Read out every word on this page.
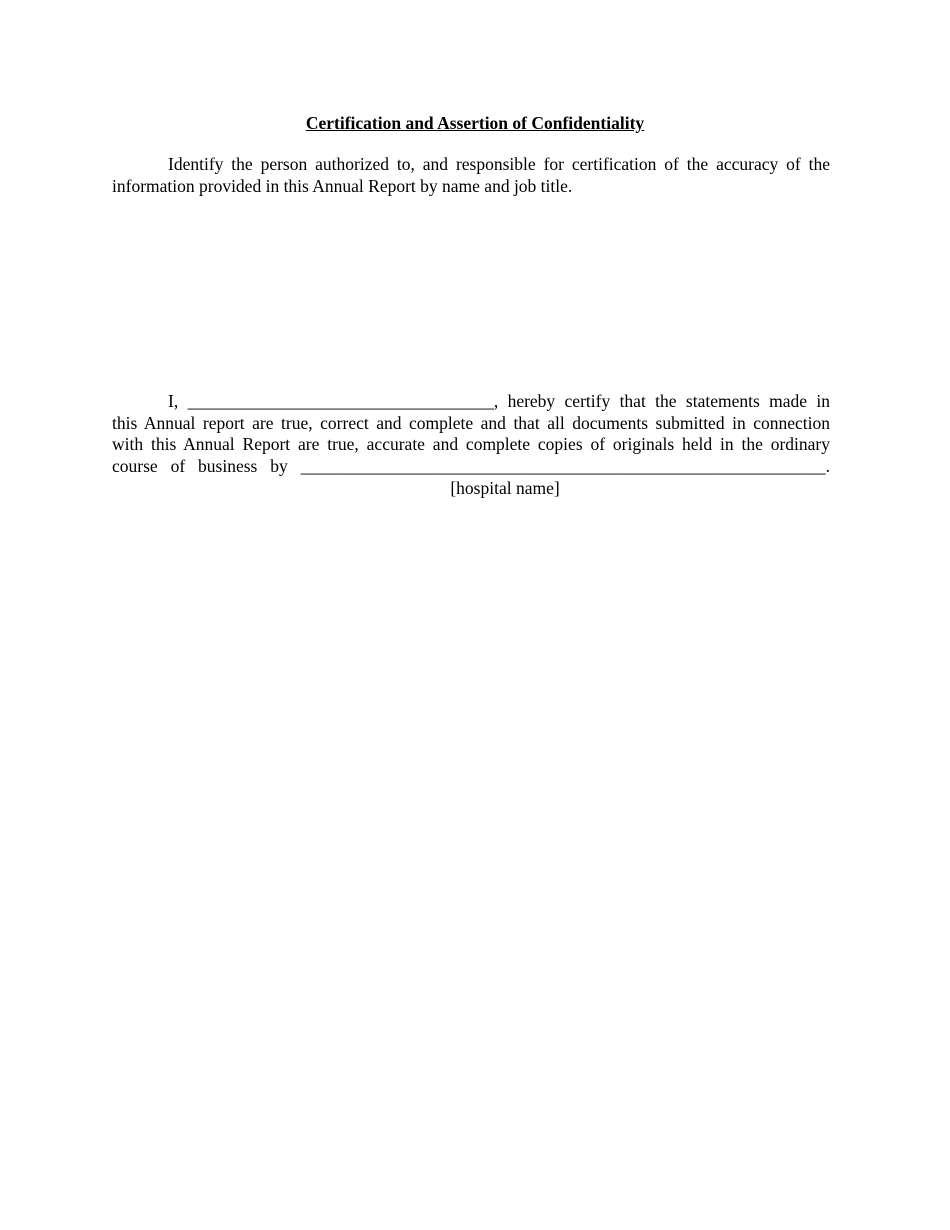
Certification and Assertion of Confidentiality
Identify the person authorized to, and responsible for certification of the accuracy of the information provided in this Annual Report by name and job title.
I, ___________________________________, hereby certify that the statements made in
this Annual report are true, correct and complete and that all documents submitted in connection
with this Annual Report are true, accurate and complete copies of originals held in the ordinary
course of business by ____________________________________________________________.
[hospital name]
